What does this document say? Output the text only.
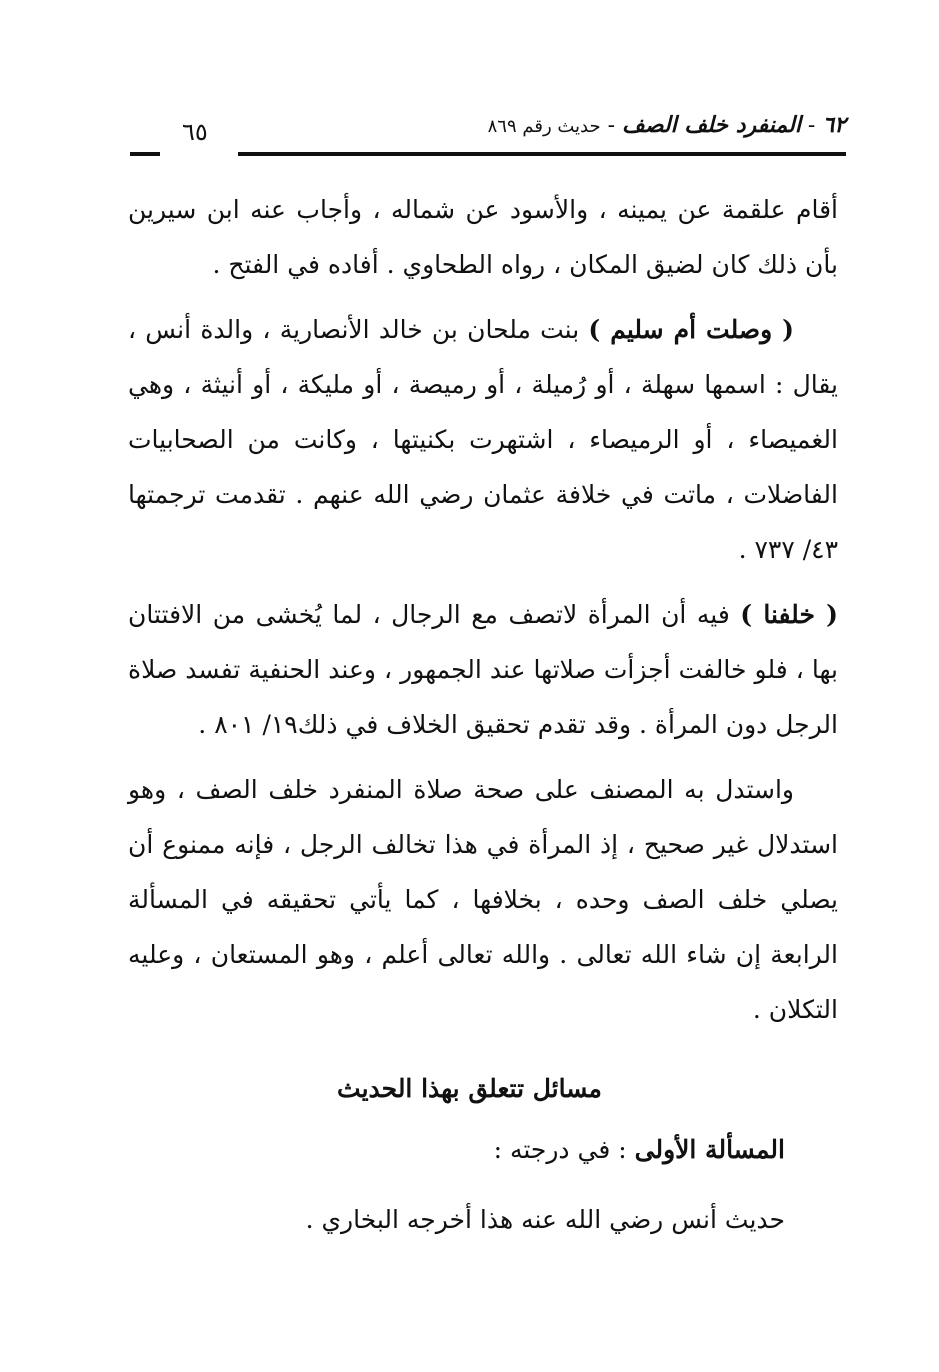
٦٢ - المنفرد خلف الصف - حديث رقم ٨٦٩
٦٥

أقام علقمة عن يمينه ، والأسود عن شماله ، وأجاب عنه ابن سيرين بأن ذلك كان لضيق المكان ، رواه الطحاوي . أفاده في الفتح .

( وصلت أم سليم ) بنت ملحان بن خالد الأنصارية ، والدة أنس ، يقال : اسمها سهلة ، أو رُميلة ، أو رميصة ، أو مليكة ، أو أنيثة ، وهي الغميصاء ، أو الرميصاء ، اشتهرت بكنيتها ، وكانت من الصحابيات الفاضلات ، ماتت في خلافة عثمان رضي الله عنهم . تقدمت ترجمتها ٤٣/ ٧٣٧ .

( خلفنا ) فيه أن المرأة لاتصف مع الرجال ، لما يُخشى من الافتتان بها ، فلو خالفت أجزأت صلاتها عند الجمهور ، وعند الحنفية تفسد صلاة الرجل دون المرأة . وقد تقدم تحقيق الخلاف في ذلك١٩/ ٨٠١ .

واستدل به المصنف على صحة صلاة المنفرد خلف الصف ، وهو استدلال غير صحيح ، إذ المرأة في هذا تخالف الرجل ، فإنه ممنوع أن يصلي خلف الصف وحده ، بخلافها ، كما يأتي تحقيقه في المسألة الرابعة إن شاء الله تعالى . والله تعالى أعلم ، وهو المستعان ، وعليه التكلان .

مسائل تتعلق بهذا الحديث
المسألة الأولى : في درجته :
حديث أنس رضي الله عنه هذا أخرجه البخاري .
